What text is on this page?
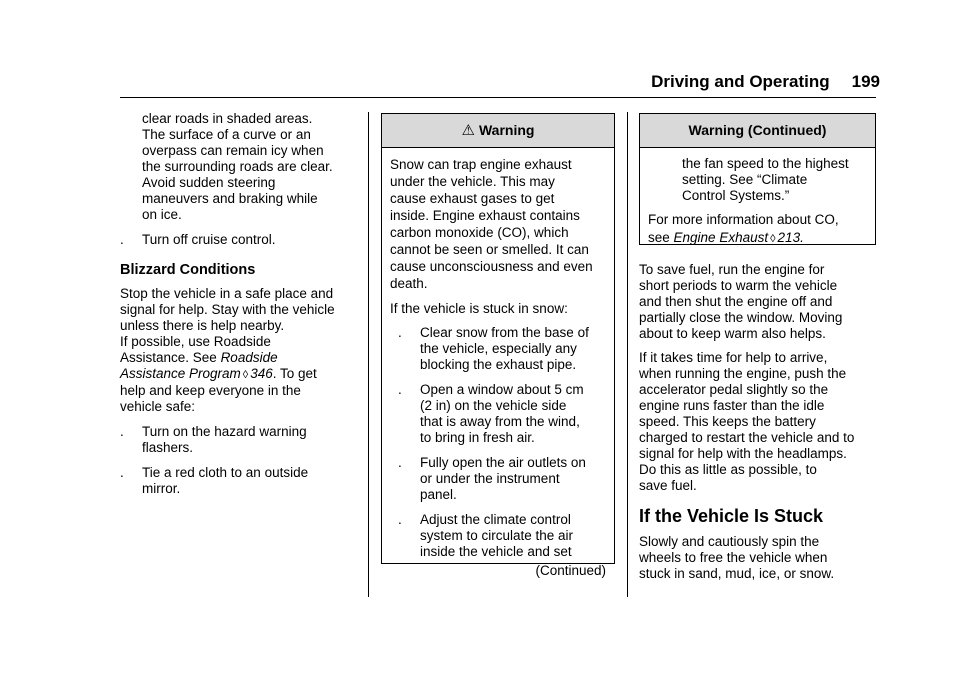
Driving and Operating 199
clear roads in shaded areas.
The surface of a curve or an
overpass can remain icy when
the surrounding roads are clear.
Avoid sudden steering
maneuvers and braking while
on ice.
. Turn off cruise control.
Blizzard Conditions
Stop the vehicle in a safe place and
signal for help. Stay with the vehicle
unless there is help nearby.
If possible, use Roadside
Assistance. See Roadside
Assistance Program ◊ 346. To get
help and keep everyone in the
vehicle safe:
. Turn on the hazard warning
flashers.
. Tie a red cloth to an outside
mirror.
⚠ Warning

Snow can trap engine exhaust
under the vehicle. This may
cause exhaust gases to get
inside. Engine exhaust contains
carbon monoxide (CO), which
cannot be seen or smelled. It can
cause unconsciousness and even
death.

If the vehicle is stuck in snow:

. Clear snow from the base of
the vehicle, especially any
blocking the exhaust pipe.
. Open a window about 5 cm
(2 in) on the vehicle side
that is away from the wind,
to bring in fresh air.
. Fully open the air outlets on
or under the instrument
panel.
. Adjust the climate control
system to circulate the air
inside the vehicle and set
(Continued)
Warning (Continued)
the fan speed to the highest
setting. See “Climate
Control Systems.”
For more information about CO,
see Engine Exhaust ◊ 213.

To save fuel, run the engine for
short periods to warm the vehicle
and then shut the engine off and
partially close the window. Moving
about to keep warm also helps.

If it takes time for help to arrive,
when running the engine, push the
accelerator pedal slightly so the
engine runs faster than the idle
speed. This keeps the battery
charged to restart the vehicle and to
signal for help with the headlamps.
Do this as little as possible, to
save fuel.

If the Vehicle Is Stuck

Slowly and cautiously spin the
wheels to free the vehicle when
stuck in sand, mud, ice, or snow.
